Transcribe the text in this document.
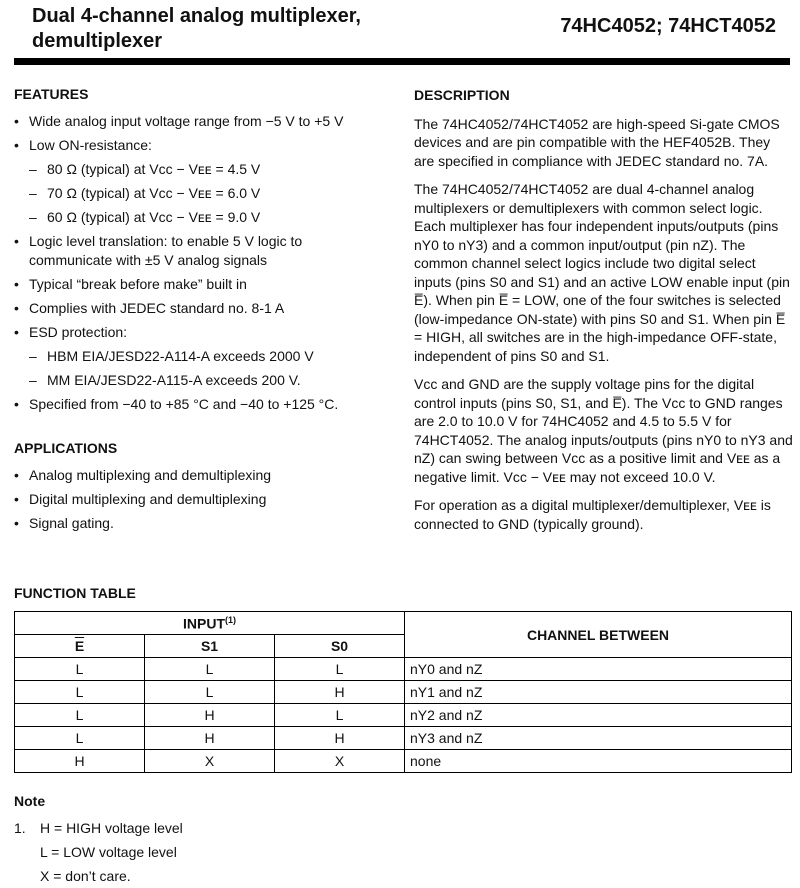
Dual 4-channel analog multiplexer, demultiplexer
74HC4052; 74HCT4052
FEATURES
• Wide analog input voltage range from −5 V to +5 V
• Low ON-resistance:
– 80 Ω (typical) at Vᴄᴄ − Vᴇᴇ = 4.5 V
– 70 Ω (typical) at Vᴄᴄ − Vᴇᴇ = 6.0 V
– 60 Ω (typical) at Vᴄᴄ − Vᴇᴇ = 9.0 V
• Logic level translation: to enable 5 V logic to communicate with ±5 V analog signals
• Typical “break before make” built in
• Complies with JEDEC standard no. 8-1 A
• ESD protection:
– HBM EIA/JESD22-A114-A exceeds 2000 V
– MM EIA/JESD22-A115-A exceeds 200 V.
• Specified from −40 to +85 °C and −40 to +125 °C.
APPLICATIONS
• Analog multiplexing and demultiplexing
• Digital multiplexing and demultiplexing
• Signal gating.
DESCRIPTION

The 74HC4052/74HCT4052 are high-speed Si-gate CMOS devices and are pin compatible with the HEF4052B. They are specified in compliance with JEDEC standard no. 7A.

The 74HC4052/74HCT4052 are dual 4-channel analog multiplexers or demultiplexers with common select logic. Each multiplexer has four independent inputs/outputs (pins nY0 to nY3) and a common input/output (pin nZ). The common channel select logics include two digital select inputs (pins S0 and S1) and an active LOW enable input (pin E̅). When pin E̅ = LOW, one of the four switches is selected (low-impedance ON-state) with pins S0 and S1. When pin E̅ = HIGH, all switches are in the high-impedance OFF-state, independent of pins S0 and S1.

Vᴄᴄ and GND are the supply voltage pins for the digital control inputs (pins S0, S1, and E̅). The Vᴄᴄ to GND ranges are 2.0 to 10.0 V for 74HC4052 and 4.5 to 5.5 V for 74HCT4052. The analog inputs/outputs (pins nY0 to nY3 and nZ) can swing between Vᴄᴄ as a positive limit and Vᴇᴇ as a negative limit. Vᴄᴄ − Vᴇᴇ may not exceed 10.0 V.

For operation as a digital multiplexer/demultiplexer, Vᴇᴇ is connected to GND (typically ground).

FUNCTION TABLE
INPUT$^{(1)}$			CHANNEL BETWEEN
$\overline{E}$	S1	S0	
L	L	L	nY0 and nZ
L	L	H	nY1 and nZ
L	H	L	nY2 and nZ
L	H	H	nY3 and nZ
H	X	X	none
Note
1. H = HIGH voltage level
L = LOW voltage level
X = don’t care.
